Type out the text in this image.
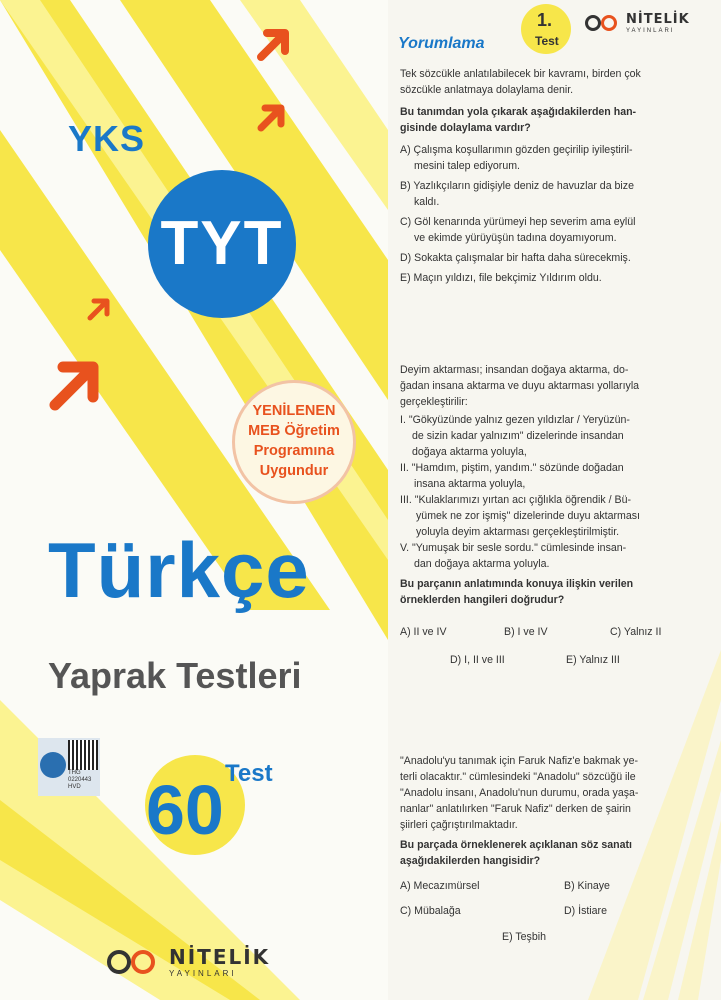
YKS
TYT
YENİLENEN
MEB Öğretim
Programına
Uygundur
Türkçe
Yaprak Testleri
THG
0220443
HVD 60 Test
NİTELİK
YAYINLARI
Yorumlama
1.
Test
NİTELİK
YAYINLARI
Tek sözcükle anlatılabilecek bir kavramı, birden çok
sözcükle anlatmaya dolaylama denir.
Bu tanımdan yola çıkarak aşağıdakilerden han-
gisinde dolaylama vardır?
A) Çalışma koşullarımın gözden geçirilip iyileştiril-
mesini talep ediyorum.
B) Yazlıkçıların gidişiyle deniz de havuzlar da bize
kaldı.
C) Göl kenarında yürümeyi hep severim ama eylül
ve ekimde yürüyüşün tadına doyamıyorum.
D) Sokakta çalışmalar bir hafta daha sürecekmiş.
E) Maçın yıldızı, file bekçimiz Yıldırım oldu.
Deyim aktarması; insandan doğaya aktarma, do-
ğadan insana aktarma ve duyu aktarması yollarıyla
gerçekleştirilir:
I. "Gökyüzünde yalnız gezen yıldızlar / Yeryüzün-
de sizin kadar yalnızım" dizelerinde insandan
doğaya aktarma yoluyla,
II. "Hamdım, piştim, yandım." sözünde doğadan
insana aktarma yoluyla,
III. "Kulaklarımızı yırtan acı çığlıkla öğrendik / Bü-
yümek ne zor işmiş" dizelerinde duyu aktarması
yoluyla deyim aktarması gerçekleştirilmiştir.
V. "Yumuşak bir sesle sordu." cümlesinde insan-
dan doğaya aktarma yoluyla.
Bu parçanın anlatımında konuya ilişkin verilen
örneklerden hangileri doğrudur?
A) II ve IV	B) I ve IV	C) Yalnız II
D) I, II ve III	E) Yalnız III
"Anadolu'yu tanımak için Faruk Nafiz'e bakmak ye-
terli olacaktır." cümlesindeki "Anadolu" sözcüğü ile
"Anadolu insanı, Anadolu'nun durumu, orada yaşa-
nanlar" anlatılırken "Faruk Nafiz" derken de şairin
şiirleri çağrıştırılmaktadır.
Bu parçada örneklenerek açıklanan söz sanatı
aşağıdakilerden hangisidir?
A) Mecazımürsel	B) Kinaye
C) Mübalağa	D) İstiare
E) Teşbih
